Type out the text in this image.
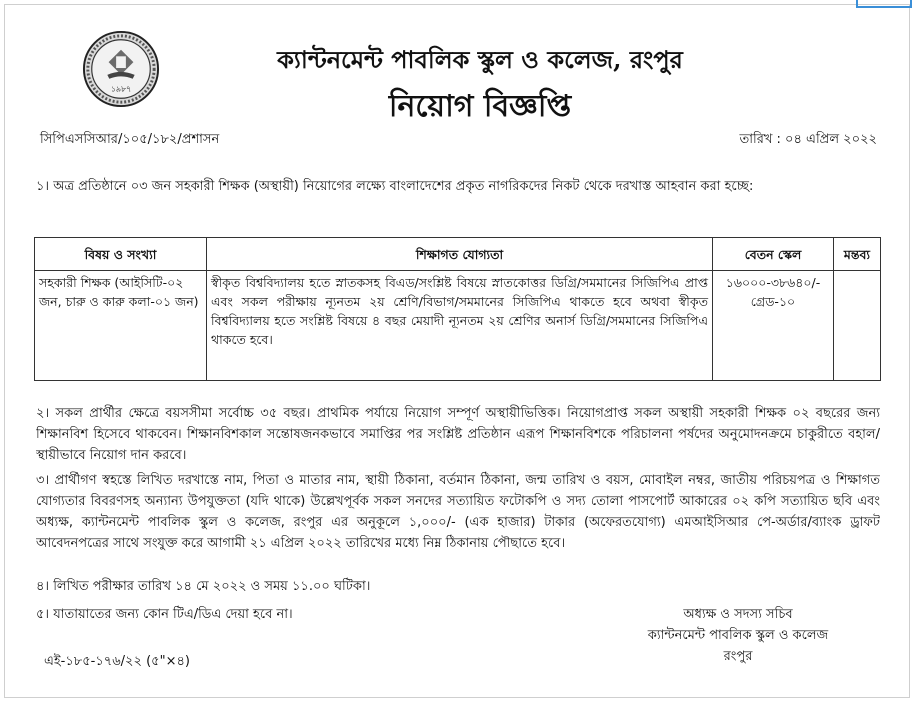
১৯৮৭
ক্যান্টনমেন্ট পাবলিক স্কুল ও কলেজ, রংপুর
নিয়োগ বিজ্ঞপ্তি
সিপিএসসিআর/১০৫/১৮২/প্রশাসন	তারিখ : ০৪ এপ্রিল ২০২২
১। অত্র প্রতিষ্ঠানে ০৩ জন সহকারী শিক্ষক (অস্থায়ী) নিয়োগের লক্ষ্যে বাংলাদেশের প্রকৃত নাগরিকদের নিকট থেকে দরখাস্ত আহবান করা হচ্ছে:
বিষয় ও সংখ্যা	শিক্ষাগত যোগ্যতা	বেতন স্কেল	মন্তব্য
সহকারী শিক্ষক (আইসিটি-০২ জন, চারু ও কারু কলা-০১ জন)	স্বীকৃত বিশ্ববিদ্যালয় হতে স্নাতকসহ বিএড/সংশ্লিষ্ট বিষয়ে স্নাতকোত্তর ডিগ্রি/সমমানের সিজিপিএ প্রাপ্ত এবং সকল পরীক্ষায় ন্যূনতম ২য় শ্রেণি/বিভাগ/সমমানের সিজিপিএ থাকতে হবে অথবা স্বীকৃত বিশ্ববিদ্যালয় হতে সংশ্লিষ্ট বিষয়ে ৪ বছর মেয়াদী ন্যূনতম ২য় শ্রেণির অনার্স ডিগ্রি/সমমানের সিজিপিএ থাকতে হবে।	১৬০০০-৩৮৬৪০/-
গ্রেড-১০	

২। সকল প্রার্থীর ক্ষেত্রে বয়সসীমা সর্বোচ্চ ৩৫ বছর। প্রাথমিক পর্যায়ে নিয়োগ সম্পূর্ণ অস্থায়ীভিত্তিক। নিয়োগপ্রাপ্ত সকল অস্থায়ী সহকারী শিক্ষক ০২ বছরের জন্য শিক্ষানবিশ হিসেবে থাকবেন। শিক্ষানবিশকাল সন্তোষজনকভাবে সমাপ্তির পর সংশ্লিষ্ট প্রতিষ্ঠান এরূপ শিক্ষানবিশকে পরিচালনা পর্ষদের অনুমোদনক্রমে চাকুরীতে বহাল/স্থায়ীভাবে নিয়োগ দান করবে।
৩। প্রার্থীগণ স্বহস্তে লিখিত দরখাস্তে নাম, পিতা ও মাতার নাম, স্থায়ী ঠিকানা, বর্তমান ঠিকানা, জন্ম তারিখ ও বয়স, মোবাইল নম্বর, জাতীয় পরিচয়পত্র ও শিক্ষাগত যোগ্যতার বিবরণসহ অন্যান্য উপযুক্ততা (যদি থাকে) উল্লেখপূর্বক সকল সনদের সত্যায়িত ফটোকপি ও সদ্য তোলা পাসপোর্ট আকারের ০২ কপি সত্যায়িত ছবি এবং অধ্যক্ষ, ক্যান্টনমেন্ট পাবলিক স্কুল ও কলেজ, রংপুর এর অনুকূলে ১,০০০/- (এক হাজার) টাকার (অফেরতযোগ্য) এমআইসিআর পে-অর্ডার/ব্যাংক ড্রাফট আবেদনপত্রের সাথে সংযুক্ত করে আগামী ২১ এপ্রিল ২০২২ তারিখের মধ্যে নিম্ন ঠিকানায় পৌছাতে হবে।
৪। লিখিত পরীক্ষার তারিখ ১৪ মে ২০২২ ও সময় ১১.০০ ঘটিকা।
৫। যাতায়াতের জন্য কোন টিএ/ডিএ দেয়া হবে না।	অধ্যক্ষ ও সদস্য সচিব
ক্যান্টনমেন্ট পাবলিক স্কুল ও কলেজ
রংপুর
এই-১৮৫-১৭৬/২২ (৫"×৪)
